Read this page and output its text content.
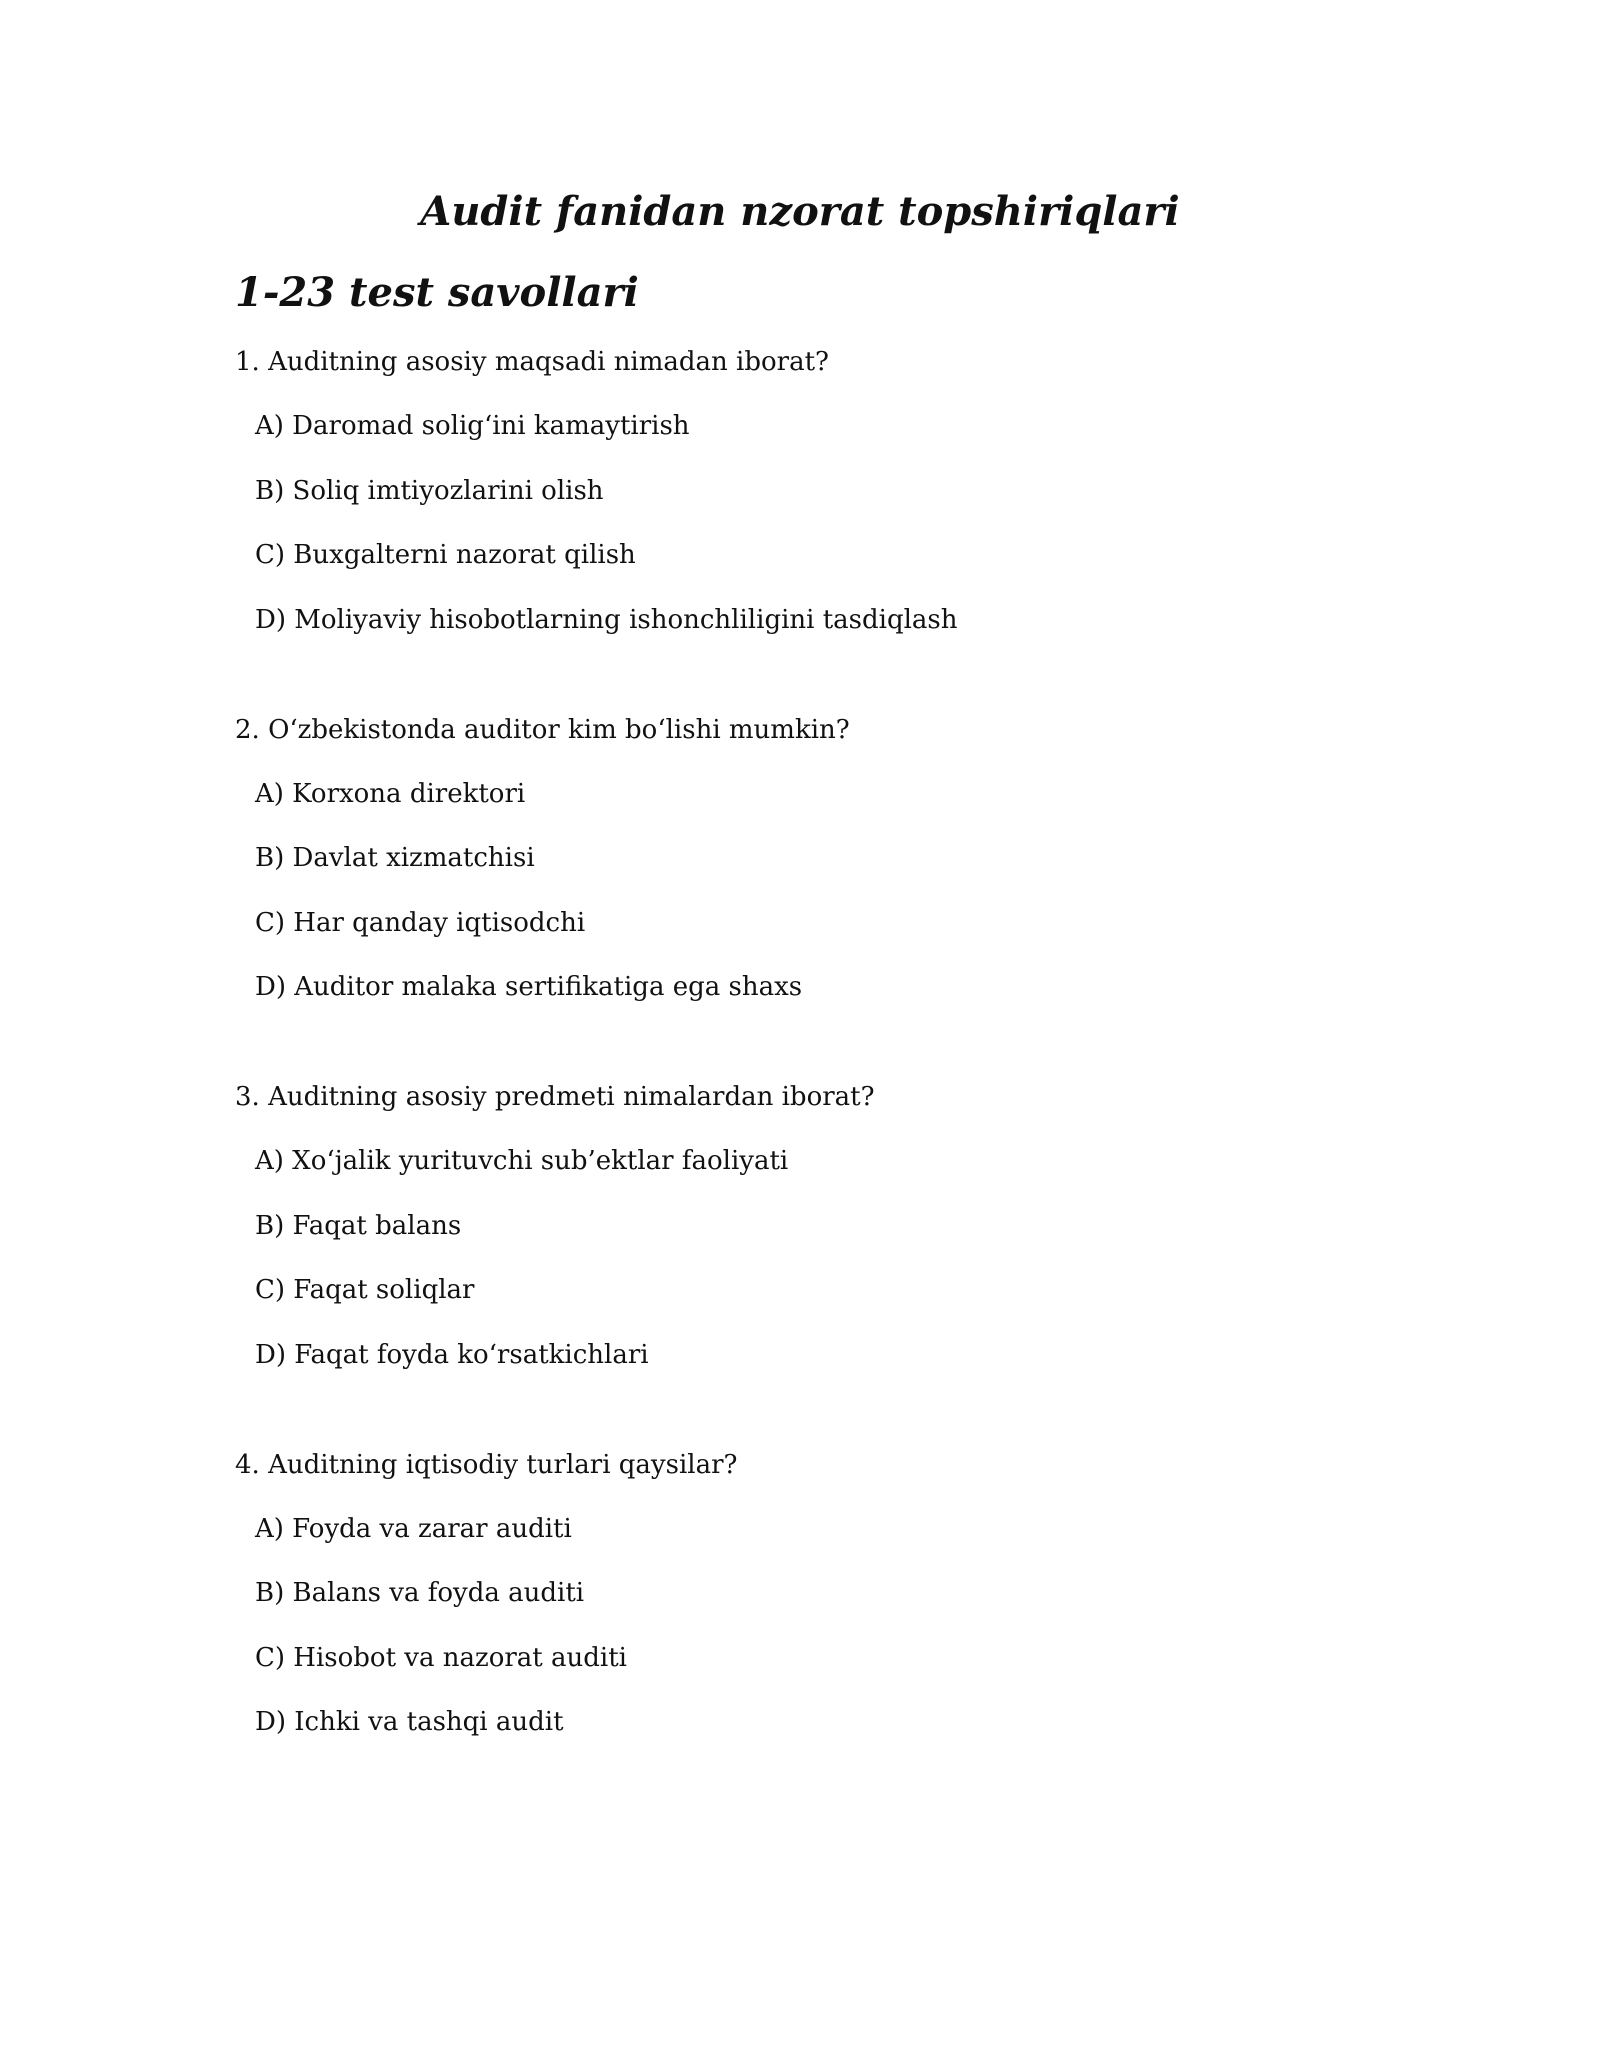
Audit fanidan nzorat topshiriqlari
1-23 test savollari

1. Auditning asosiy maqsadi nimadan iborat?

A) Daromad solig‘ini kamaytirish

B) Soliq imtiyozlarini olish

C) Buxgalterni nazorat qilish

D) Moliyaviy hisobotlarning ishonchliligini tasdiqlash

2. O‘zbekistonda auditor kim bo‘lishi mumkin?

A) Korxona direktori

B) Davlat xizmatchisi

C) Har qanday iqtisodchi

D) Auditor malaka sertifikatiga ega shaxs

3. Auditning asosiy predmeti nimalardan iborat?

A) Xo‘jalik yurituvchi sub’ektlar faoliyati

B) Faqat balans

C) Faqat soliqlar

D) Faqat foyda ko‘rsatkichlari

4. Auditning iqtisodiy turlari qaysilar?

A) Foyda va zarar auditi

B) Balans va foyda auditi

C) Hisobot va nazorat auditi

D) Ichki va tashqi audit
